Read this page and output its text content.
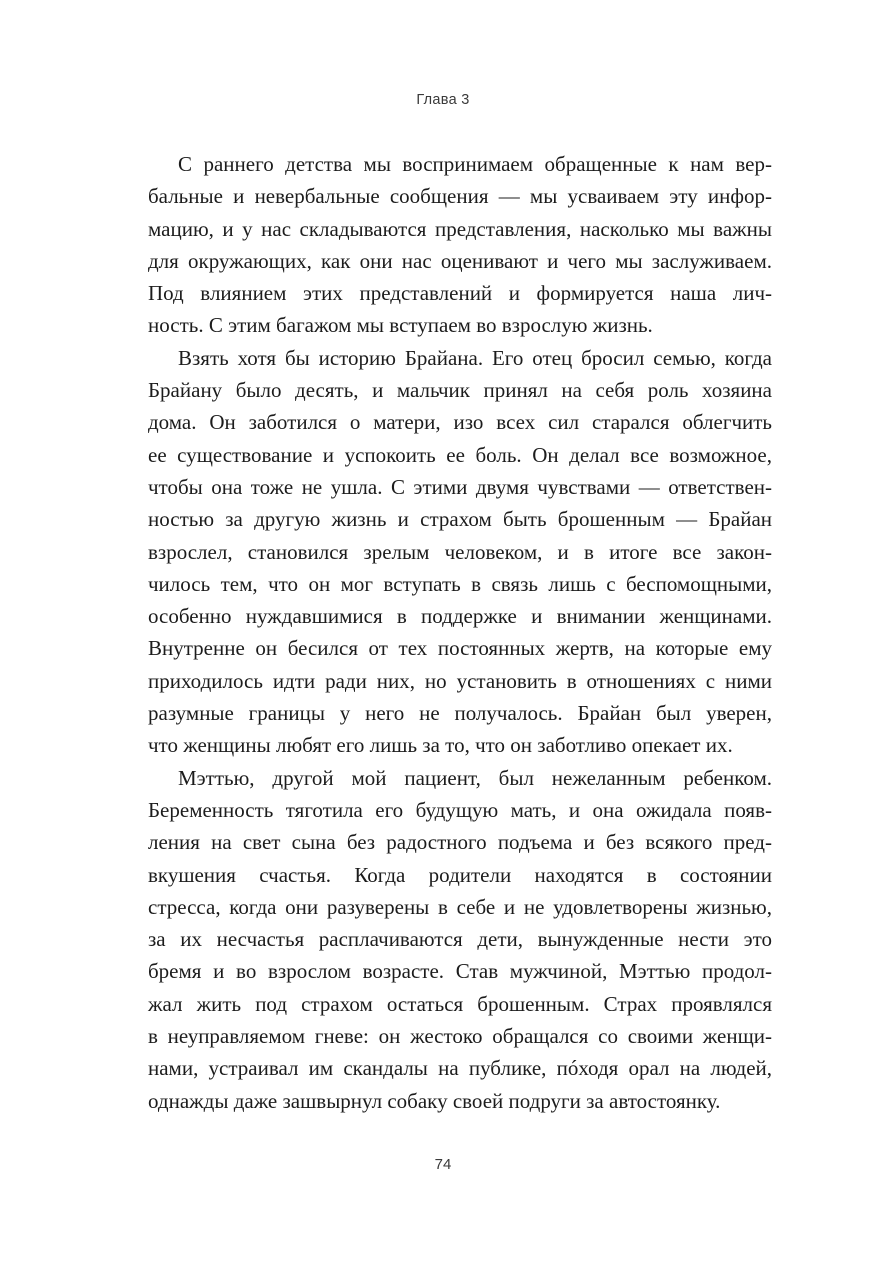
Глава 3
С раннего детства мы воспринимаем обращенные к нам вер-
бальные и невербальные сообщения — мы усваиваем эту инфор-
мацию, и у нас складываются представления, насколько мы важны
для окружающих, как они нас оценивают и чего мы заслуживаем.
Под влиянием этих представлений и формируется наша лич-
ность. С этим багажом мы вступаем во взрослую жизнь.
Взять хотя бы историю Брайана. Его отец бросил семью, когда
Брайану было десять, и мальчик принял на себя роль хозяина
дома. Он заботился о матери, изо всех сил старался облегчить
ее существование и успокоить ее боль. Он делал все возможное,
чтобы она тоже не ушла. С этими двумя чувствами — ответствен-
ностью за другую жизнь и страхом быть брошенным — Брайан
взрослел, становился зрелым человеком, и в итоге все закон-
чилось тем, что он мог вступать в связь лишь с беспомощными,
особенно нуждавшимися в поддержке и внимании женщинами.
Внутренне он бесился от тех постоянных жертв, на которые ему
приходилось идти ради них, но установить в отношениях с ними
разумные границы у него не получалось. Брайан был уверен,
что женщины любят его лишь за то, что он заботливо опекает их.
Мэттью, другой мой пациент, был нежеланным ребенком.
Беременность тяготила его будущую мать, и она ожидала появ-
ления на свет сына без радостного подъема и без всякого пред-
вкушения счастья. Когда родители находятся в состоянии
стресса, когда они разуверены в себе и не удовлетворены жизнью,
за их несчастья расплачиваются дети, вынужденные нести это
бремя и во взрослом возрасте. Став мужчиной, Мэттью продол-
жал жить под страхом остаться брошенным. Страх проявлялся
в неуправляемом гневе: он жестоко обращался со своими женщи-
нами, устраивал им скандалы на публике, пóходя орал на людей,
однажды даже зашвырнул собаку своей подруги за автостоянку.
74
